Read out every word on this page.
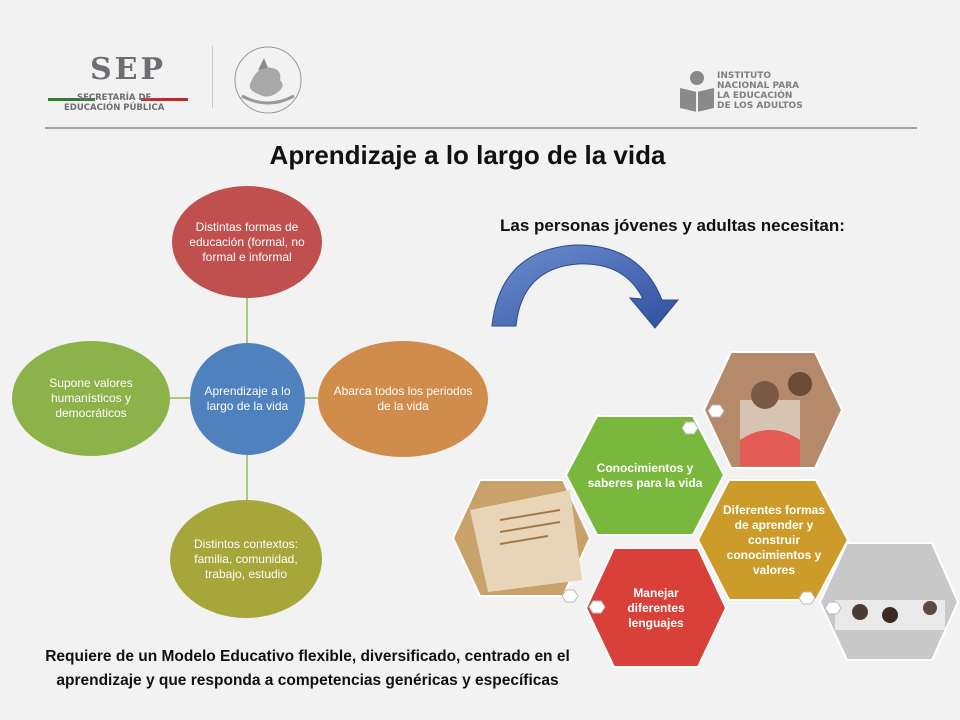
SEP
SECRETARÍA DE
EDUCACIÓN PÚBLICA
INSTITUTO
NACIONAL PARA
LA EDUCACIÓN
DE LOS ADULTOS
Aprendizaje a lo largo de la vida
Las personas jóvenes y adultas necesitan:
Aprendizaje a lo largo de la vida
Distintas formas de educación (formal, no formal e informal
Abarca todos los periodos de la vida
Distintos contextos: familia, comunidad, trabajo, estudio
Supone valores humanísticos y democráticos
Conocimientos y saberes para la vida
Diferentes formas de aprender y construir conocimientos y valores
Manejar diferentes lenguajes
Requiere de un Modelo Educativo flexible, diversificado, centrado en el aprendizaje y que responda a competencias genéricas y específicas
